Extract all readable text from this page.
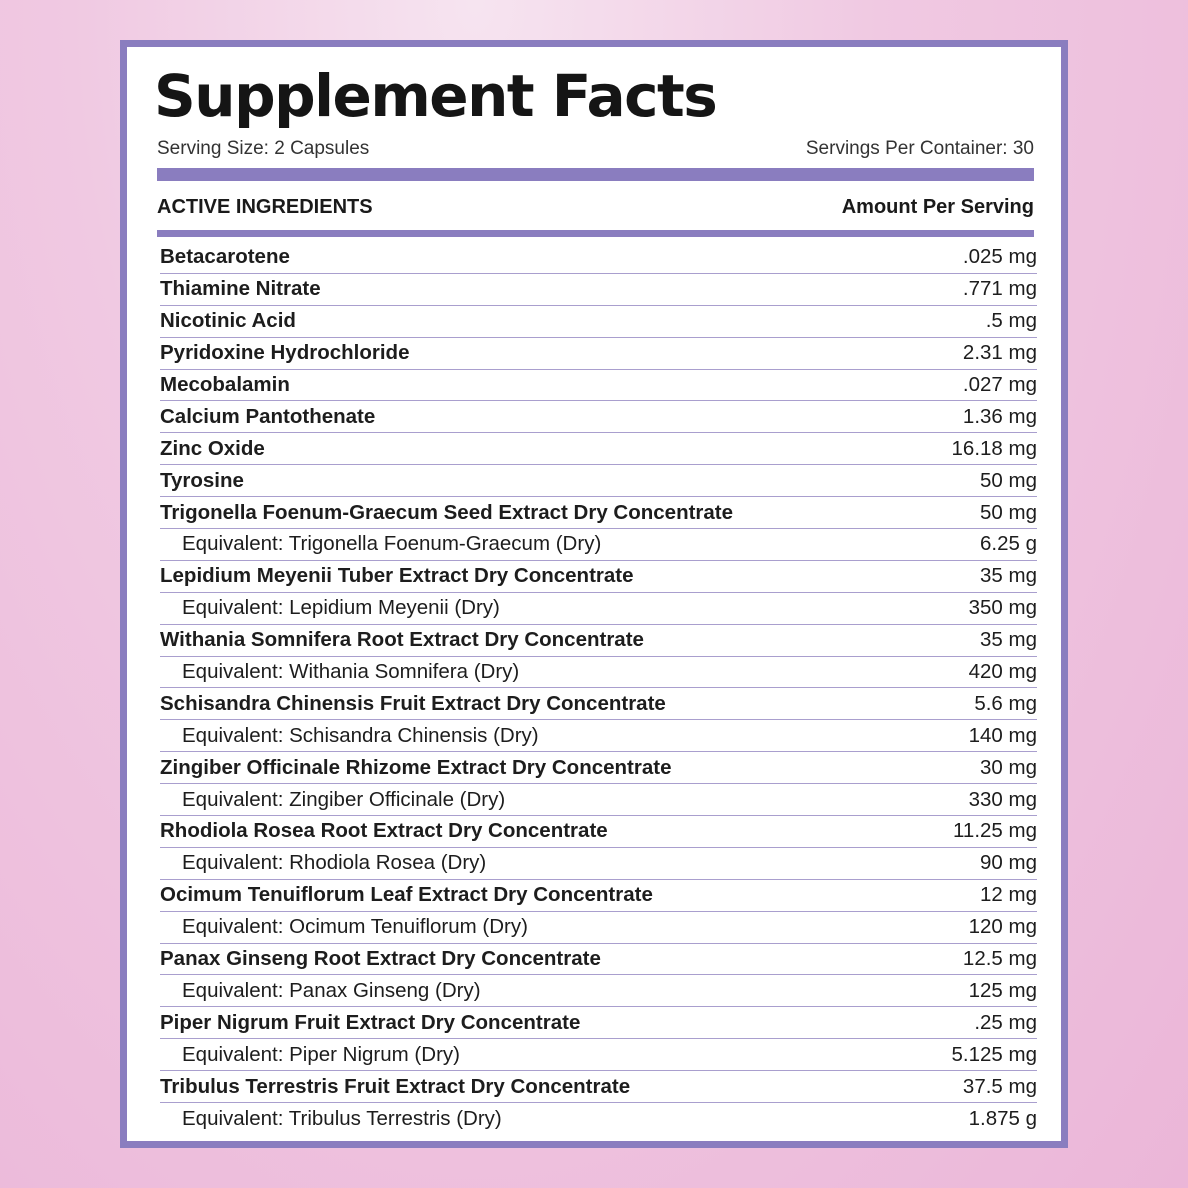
Supplement Facts
Serving Size: 2 Capsules	Servings Per Container: 30
ACTIVE INGREDIENTS	Amount Per Serving
Betacarotene	.025 mg
Thiamine Nitrate	.771 mg
Nicotinic Acid	.5 mg
Pyridoxine Hydrochloride	2.31 mg
Mecobalamin	.027 mg
Calcium Pantothenate	1.36 mg
Zinc Oxide	16.18 mg
Tyrosine	50 mg
Trigonella Foenum-Graecum Seed Extract Dry Concentrate	50 mg
Equivalent: Trigonella Foenum-Graecum (Dry)	6.25 g
Lepidium Meyenii Tuber Extract Dry Concentrate	35 mg
Equivalent: Lepidium Meyenii (Dry)	350 mg
Withania Somnifera Root Extract Dry Concentrate	35 mg
Equivalent: Withania Somnifera (Dry)	420 mg
Schisandra Chinensis Fruit Extract Dry Concentrate	5.6 mg
Equivalent: Schisandra Chinensis (Dry)	140 mg
Zingiber Officinale Rhizome Extract Dry Concentrate	30 mg
Equivalent: Zingiber Officinale (Dry)	330 mg
Rhodiola Rosea Root Extract Dry Concentrate	11.25 mg
Equivalent: Rhodiola Rosea (Dry)	90 mg
Ocimum Tenuiflorum Leaf Extract Dry Concentrate	12 mg
Equivalent: Ocimum Tenuiflorum (Dry)	120 mg
Panax Ginseng Root Extract Dry Concentrate	12.5 mg
Equivalent: Panax Ginseng (Dry)	125 mg
Piper Nigrum Fruit Extract Dry Concentrate	.25 mg
Equivalent: Piper Nigrum (Dry)	5.125 mg
Tribulus Terrestris Fruit Extract Dry Concentrate	37.5 mg
Equivalent: Tribulus Terrestris (Dry)	1.875 g
